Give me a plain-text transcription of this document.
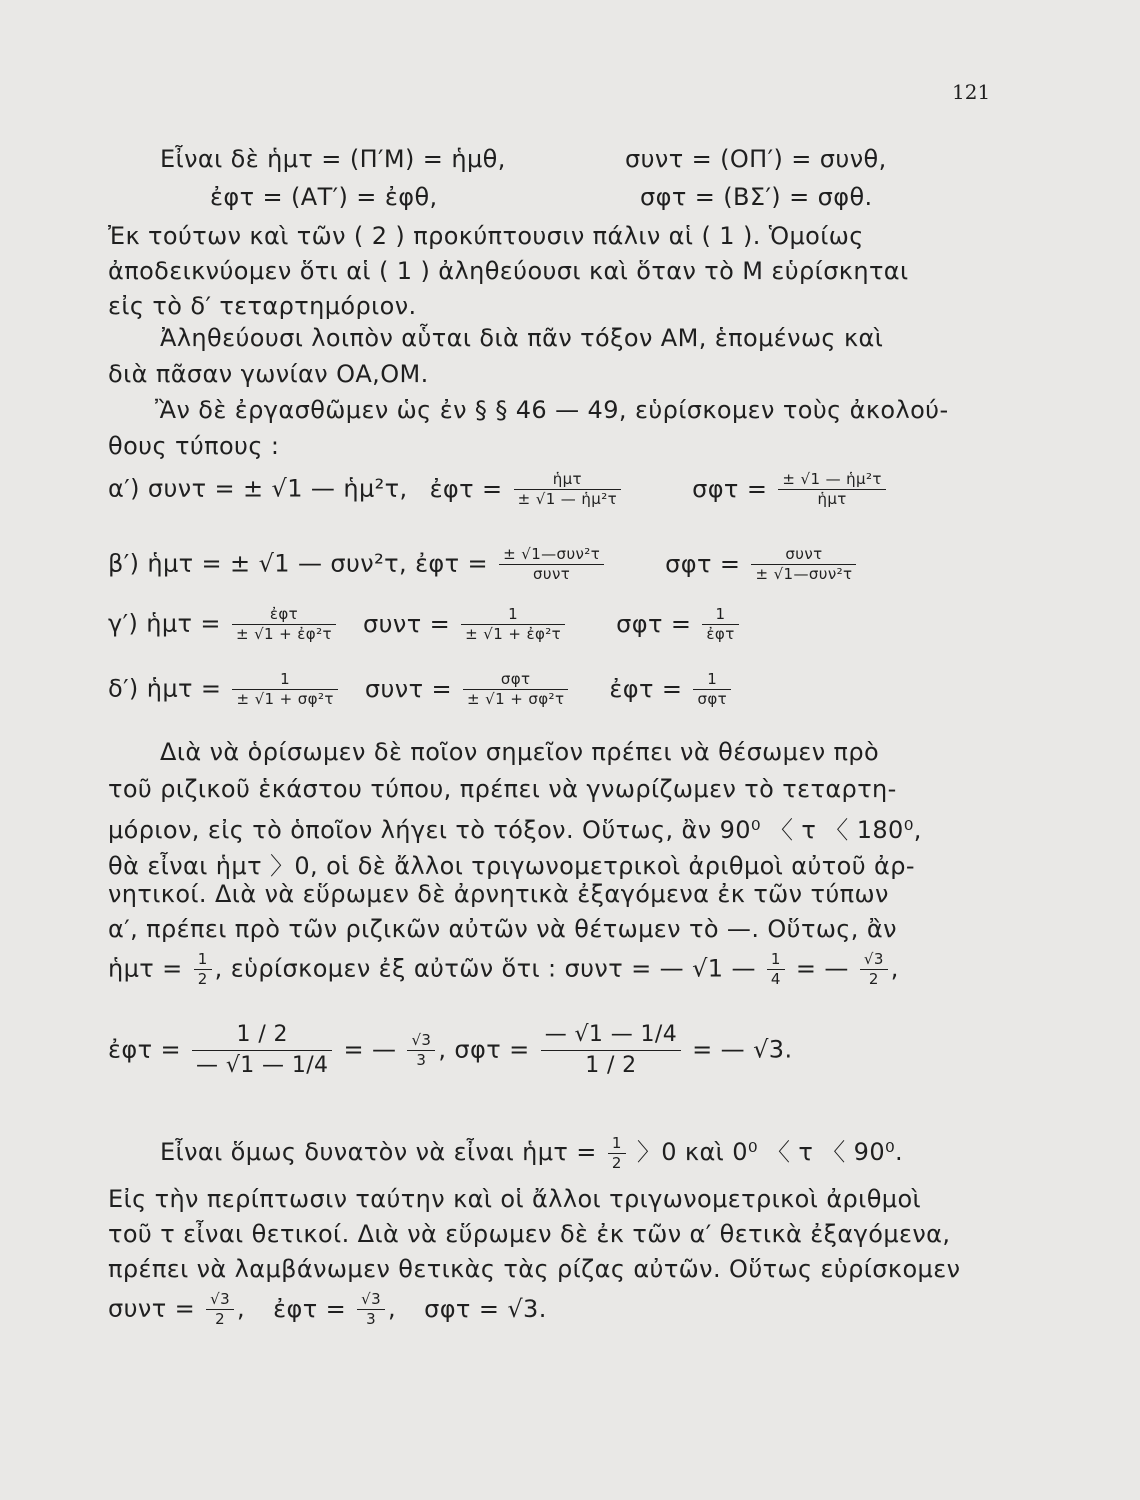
121
Εἶναι δὲ ἡμτ = (Π′Μ) = ἡμθ,	συντ = (ΟΠ′) = συνθ,
ἐφτ = (ΑΤ′) = ἐφθ,	σφτ = (ΒΣ′) = σφθ.
Ἐκ τούτων καὶ τῶν ( 2 ) προκύπτουσιν πάλιν αἱ ( 1 ). Ὁμοίως
ἀποδεικνύομεν ὅτι αἱ ( 1 ) ἀληθεύουσι καὶ ὅταν τὸ Μ εὑρίσκηται
εἰς τὸ δ′ τεταρτημόριον.
Ἀληθεύουσι λοιπὸν αὗται διὰ πᾶν τόξον ΑΜ, ἑπομένως καὶ
διὰ πᾶσαν γωνίαν ΟΑ,ΟΜ.
Ἂν δὲ ἐργασθῶμεν ὡς ἐν § § 46 — 49, εὑρίσκομεν τοὺς ἀκολού-
θους τύπους :
α′) συντ = ± √1 — ἡμ²τ, ἐφτ = $\frac{\text{ἡμτ}}{\text{± √1 — ἡμ²τ}}$	$\sigma\varphi\tau = \frac{\text{± √1 — ἡμ²τ}}{\text{ἡμτ}}$
β′) ἡμτ = ± √1 — συν²τ, ἐφτ = $\frac{\text{± √1—συν²τ}}{\text{συντ}}$	$\sigma\varphi\tau = \frac{\text{συντ}}{\text{± √1—συν²τ}}$
γ′) ἡμτ = $\frac{\text{ἐφτ}}{\text{± √1 + ἐφ²τ}}$ $\sigma\upsilon\nu\tau = \frac{1}{\text{± √1 + ἐφ²τ}}$ $\sigma\varphi\tau = \frac{1}{\text{ἐφτ}}$
δ′) ἡμτ = $\frac{1}{\text{± √1 + σφ²τ}}$ $\sigma\upsilon\nu\tau = \frac{\text{σφτ}}{\text{± √1 + σφ²τ}}$ ἐφτ = $\frac{1}{\text{σφτ}}$
Διὰ νὰ ὁρίσωμεν δὲ ποῖον σημεῖον πρέπει νὰ θέσωμεν πρὸ
τοῦ ριζικοῦ ἑκάστου τύπου, πρέπει νὰ γνωρίζωμεν τὸ τεταρτη-
μόριον, εἰς τὸ ὁποῖον λήγει τὸ τόξον. Οὕτως, ἂν 90⁰ 〈 τ 〈 180⁰,
θὰ εἶναι ἡμτ 〉0, οἱ δὲ ἄλλοι τριγωνομετρικοὶ ἀριθμοὶ αὐτοῦ ἀρ-
νητικοί. Διὰ νὰ εὕρωμεν δὲ ἀρνητικὰ ἐξαγόμενα ἐκ τῶν τύπων
α′, πρέπει πρὸ τῶν ριζικῶν αὐτῶν νὰ θέτωμεν τὸ —. Οὕτως, ἂν
ἡμτ = $\frac{1}{2}$ , εὑρίσκομεν ἐξ αὐτῶν ὅτι : συντ = — √1 — $\frac{1}{4}$ = — $\frac{√3}{2}$ ,
ἐφτ = $\frac{1 / 2}{— √1 — 1/4}$ = — $\frac{√3}{3}$ , $\sigma\varphi\tau = \frac{— √1 — 1/4}{1 / 2}$ = — √3.
Εἶναι ὅμως δυνατὸν νὰ εἶναι ἡμτ = $\frac{1}{2}$ 〉0 καὶ 0⁰ 〈 τ 〈 90⁰.
Εἰς τὴν περίπτωσιν ταύτην καὶ οἱ ἄλλοι τριγωνομετρικοὶ ἀριθμοὶ
τοῦ τ εἶναι θετικοί. Διὰ νὰ εὕρωμεν δὲ ἐκ τῶν α′ θετικὰ ἐξαγόμενα,
πρέπει νὰ λαμβάνωμεν θετικὰς τὰς ρίζας αὐτῶν. Οὕτως εὑρίσκομεν
$\sigma\upsilon\nu\tau = \frac{√3}{2}$ , ἐφτ = $\frac{√3}{3}$ , σφτ = √3.
